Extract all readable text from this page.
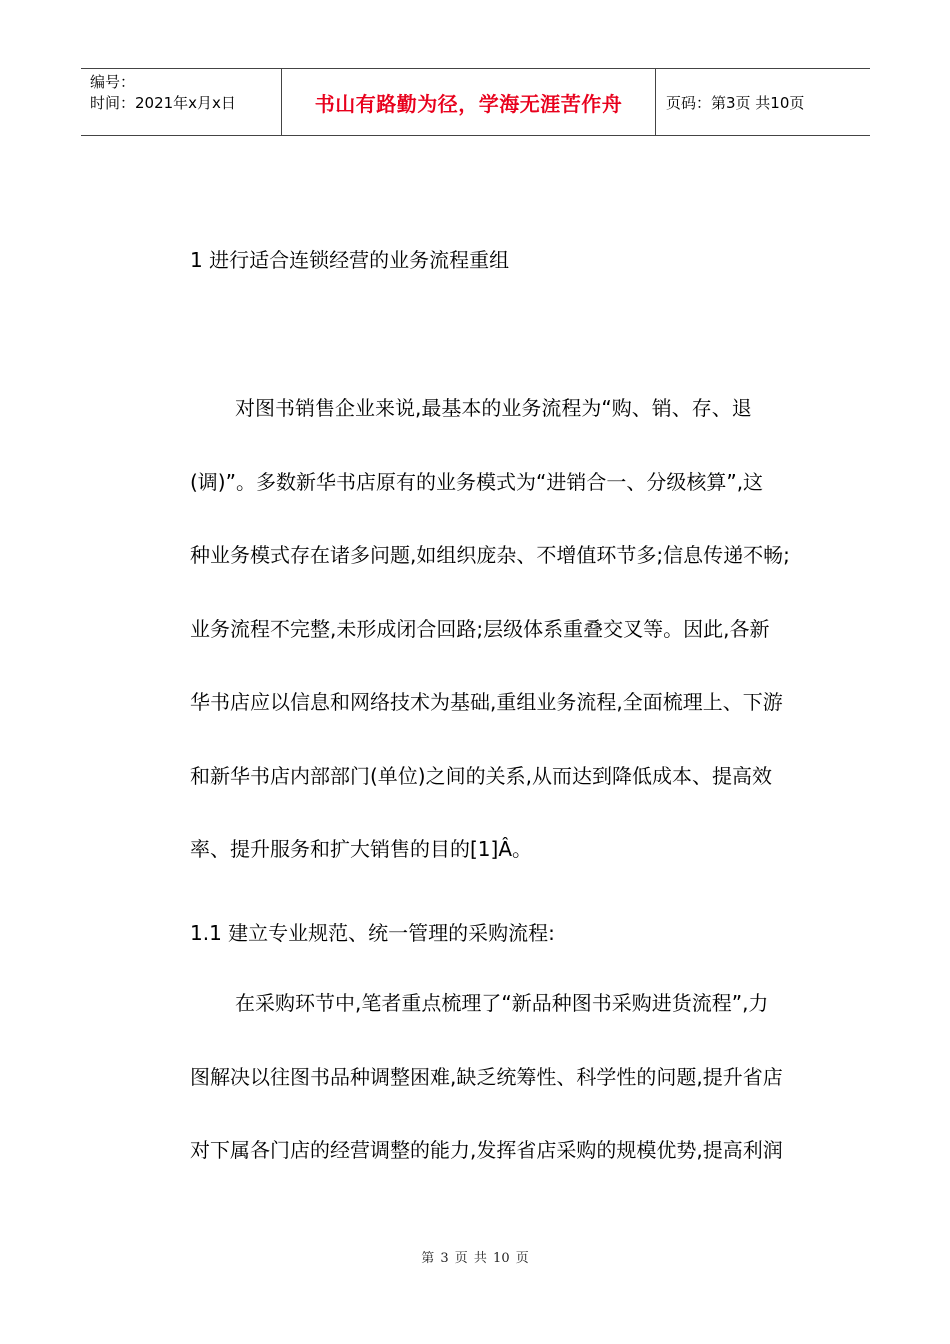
编号：
时间：2021年x月x日	书山有路勤为径，学海无涯苦作舟	页码：第3页 共10页
1 进行适合连锁经营的业务流程重组
对图书销售企业来说,最基本的业务流程为“购、销、存、退
(调)”。多数新华书店原有的业务模式为“进销合一、分级核算”,这
种业务模式存在诸多问题,如组织庞杂、不增值环节多;信息传递不畅;
业务流程不完整,未形成闭合回路;层级体系重叠交叉等。因此,各新
华书店应以信息和网络技术为基础,重组业务流程,全面梳理上、下游
和新华书店内部部门(单位)之间的关系,从而达到降低成本、提高效
率、提升服务和扩大销售的目的[1]Â。
1.1 建立专业规范、统一管理的采购流程:
在采购环节中,笔者重点梳理了“新品种图书采购进货流程”,力
图解决以往图书品种调整困难,缺乏统筹性、科学性的问题,提升省店
对下属各门店的经营调整的能力,发挥省店采购的规模优势,提高利润
第 3 页 共 10 页
